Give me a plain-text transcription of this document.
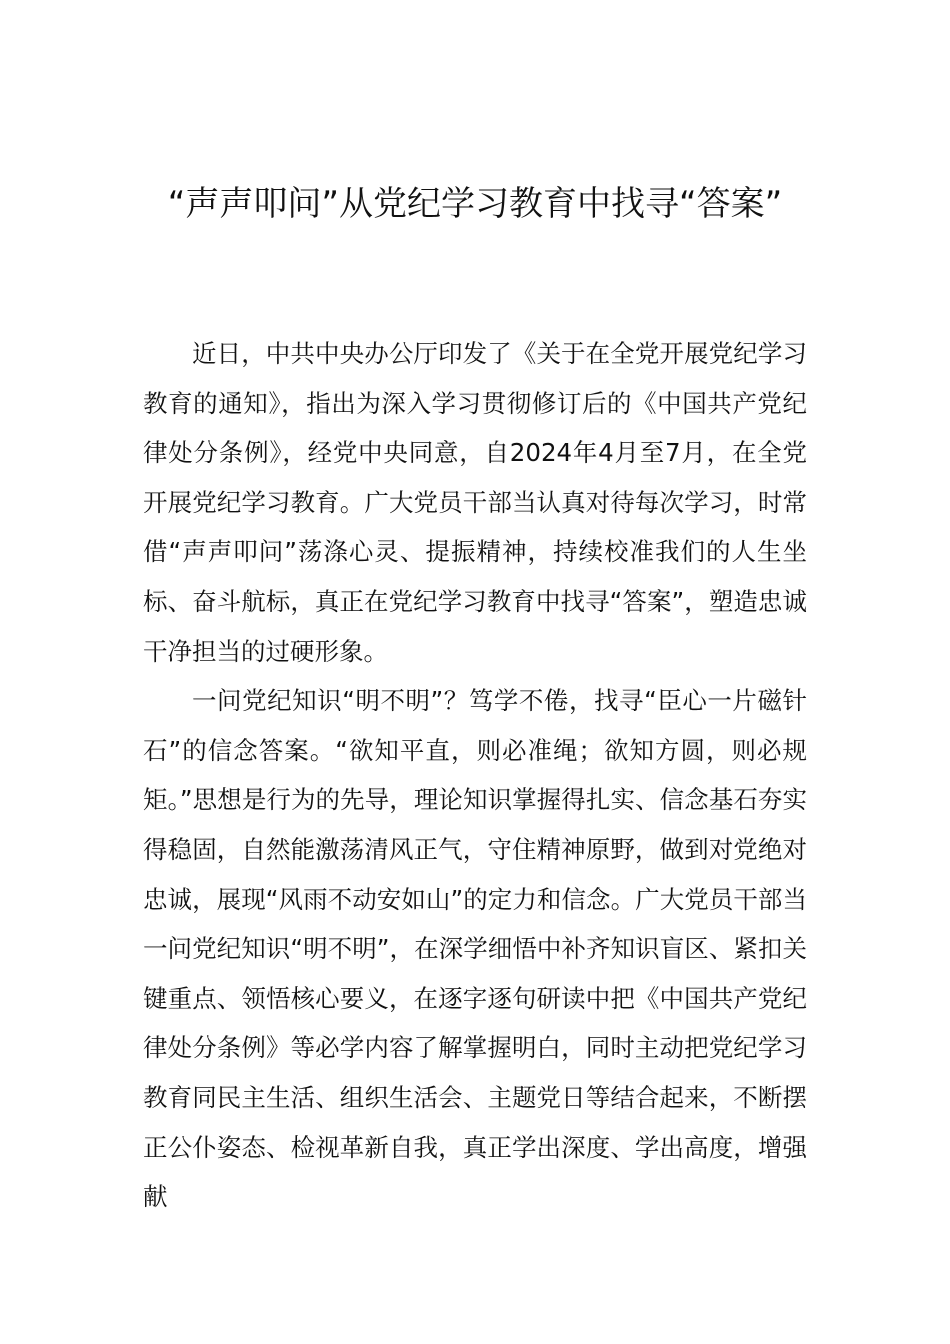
“声声叩问”从党纪学习教育中找寻“答案”

近日，中共中央办公厅印发了《关于在全党开展党纪学习教育的通知》，指出为深入学习贯彻修订后的《中国共产党纪律处分条例》，经党中央同意，自2024年4月至7月，在全党开展党纪学习教育。广大党员干部当认真对待每次学习，时常借“声声叩问”荡涤心灵、提振精神，持续校准我们的人生坐标、奋斗航标，真正在党纪学习教育中找寻“答案”，塑造忠诚干净担当的过硬形象。

一问党纪知识“明不明”？笃学不倦，找寻“臣心一片磁针石”的信念答案。“欲知平直，则必准绳；欲知方圆，则必规矩。”思想是行为的先导，理论知识掌握得扎实、信念基石夯实得稳固，自然能激荡清风正气，守住精神原野，做到对党绝对忠诚，展现“风雨不动安如山”的定力和信念。广大党员干部当一问党纪知识“明不明”，在深学细悟中补齐知识盲区、紧扣关键重点、领悟核心要义，在逐字逐句研读中把《中国共产党纪律处分条例》等必学内容了解掌握明白，同时主动把党纪学习教育同民主生活、组织生活会、主题党日等结合起来，不断摆正公仆姿态、检视革新自我，真正学出深度、学出高度，增强献
